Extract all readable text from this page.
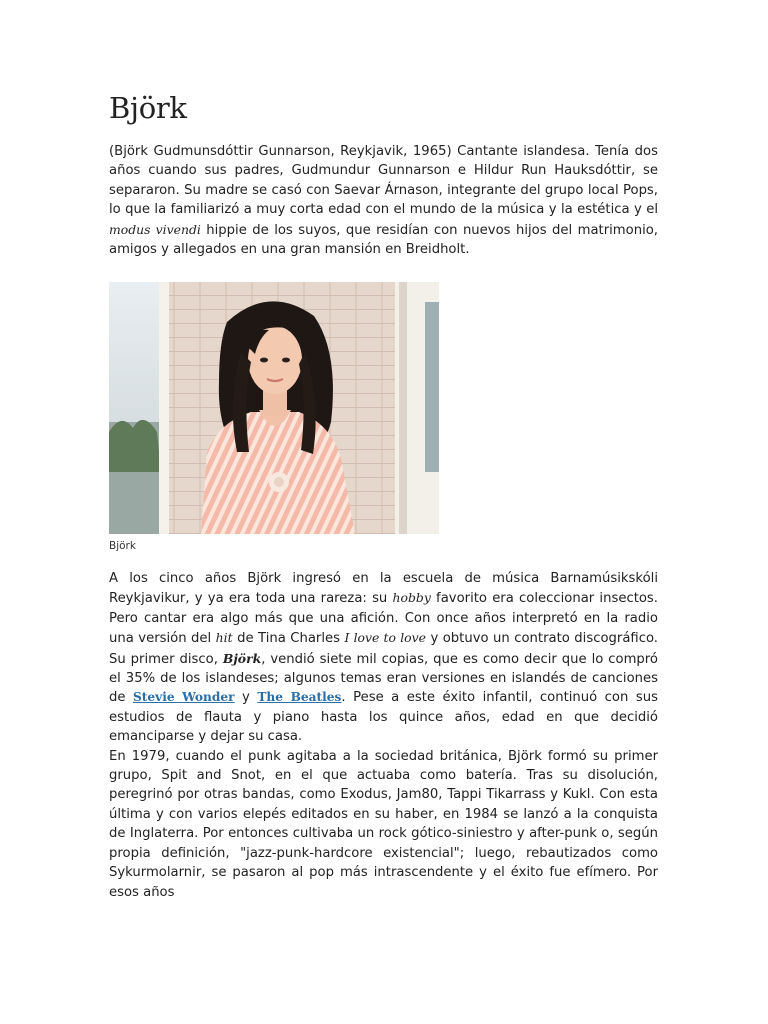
Björk

(Björk Gudmunsdóttir Gunnarson, Reykjavik, 1965) Cantante islandesa. Tenía dos años cuando sus padres, Gudmundur Gunnarson e Hildur Run Hauksdóttir, se separaron. Su madre se casó con Saevar Árnason, integrante del grupo local Pops, lo que la familiarizó a muy corta edad con el mundo de la música y la estética y el modus vivendi hippie de los suyos, que residían con nuevos hijos del matrimonio, amigos y allegados en una gran mansión en Breidholt.

Björk

A los cinco años Björk ingresó en la escuela de música Barnamúsikskóli Reykjavikur, y ya era toda una rareza: su hobby favorito era coleccionar insectos. Pero cantar era algo más que una afición. Con once años interpretó en la radio una versión del hit de Tina Charles I love to love y obtuvo un contrato discográfico. Su primer disco, Björk, vendió siete mil copias, que es como decir que lo compró el 35% de los islandeses; algunos temas eran versiones en islandés de canciones de Stevie Wonder y The Beatles. Pese a este éxito infantil, continuó con sus estudios de flauta y piano hasta los quince años, edad en que decidió emanciparse y dejar su casa.

En 1979, cuando el punk agitaba a la sociedad británica, Björk formó su primer grupo, Spit and Snot, en el que actuaba como batería. Tras su disolución, peregrinó por otras bandas, como Exodus, Jam80, Tappi Tikarrass y Kukl. Con esta última y con varios elepés editados en su haber, en 1984 se lanzó a la conquista de Inglaterra. Por entonces cultivaba un rock gótico-siniestro y after-punk o, según propia definición, "jazz-punk-hardcore existencial"; luego, rebautizados como Sykurmolarnir, se pasaron al pop más intrascendente y el éxito fue efímero. Por esos años
